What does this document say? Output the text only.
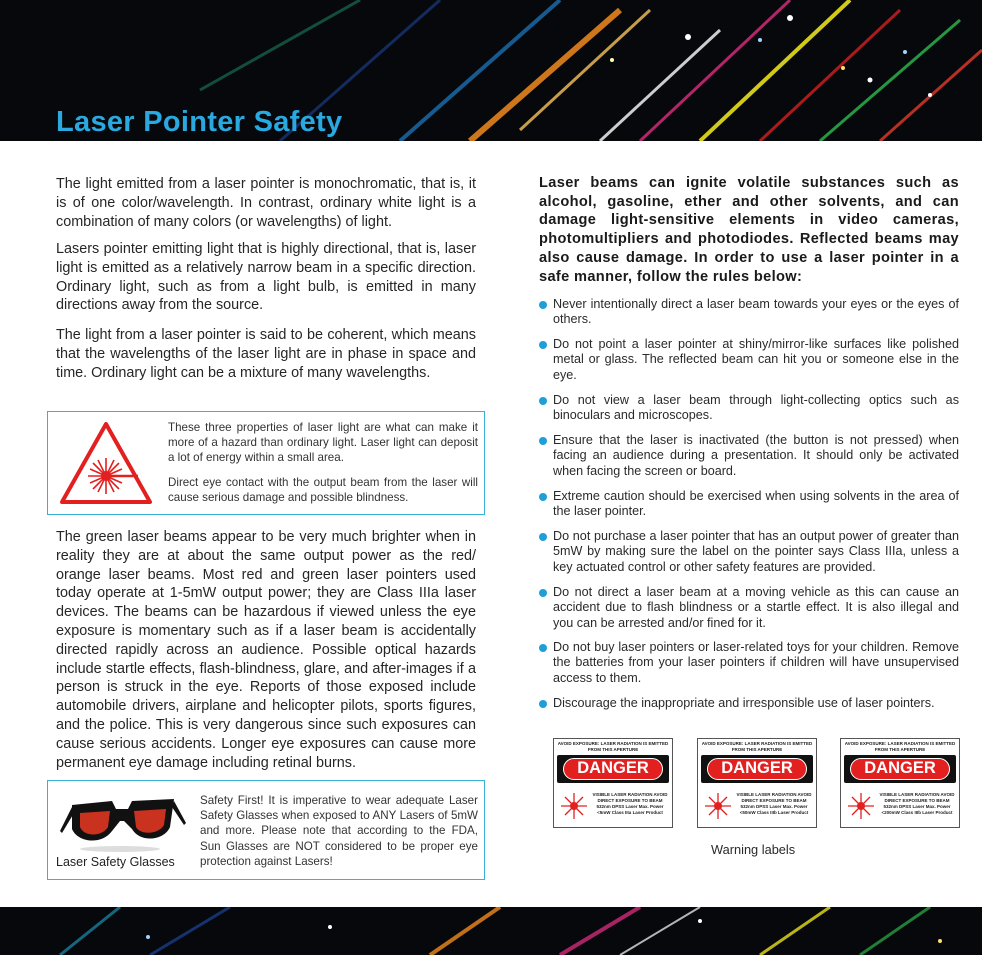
Laser Pointer Safety

The light emitted from a laser pointer is monochromatic, that is, it is of one color/wavelength. In contrast, ordinary white light is a combination of many colors (or wavelengths) of light.

Lasers pointer emitting light that is highly directional, that is, laser light is emitted as a relatively narrow beam in a specific direction. Ordinary light, such as from a light bulb, is emitted in many directions away from the source.

The light from a laser pointer is said to be coherent, which means that the wavelengths of the laser light are in phase in space and time. Ordinary light can be a mixture of many wavelengths.

These three properties of laser light are what can make it more of a hazard than ordinary light. Laser light can deposit a lot of energy within a small area.
Direct eye contact with the output beam from the laser will cause serious damage and possible blindness.

The green laser beams appear to be very much brighter when in reality they are at about the same output power as the red/ orange laser beams. Most red and green laser pointers used today operate at 1-5mW output power; they are Class IIIa laser devices. The beams can be hazardous if viewed unless the eye exposure is momentary such as if a laser beam is accidentally directed rapidly across an audience. Possible optical hazards include startle effects, flash-blindness, glare, and after-images if a person is struck in the eye. Reports of those exposed include automobile drivers, airplane and helicopter pilots, sports figures, and the police. This is very dangerous since such exposures can cause serious accidents. Longer eye exposures can cause more permanent eye damage including retinal burns.

Laser Safety Glasses
Safety First! It is imperative to wear adequate Laser Safety Glasses when exposed to ANY Lasers of 5mW and more. Please note that according to the FDA, Sun Glasses are NOT considered to be proper eye protection against Lasers!

Laser beams can ignite volatile substances such as alcohol, gasoline, ether and other solvents, and can damage light-sensitive elements in video cameras, photomultipliers and photodiodes. Reflected beams may also cause damage. In order to use a laser pointer in a safe manner, follow the rules below:

Never intentionally direct a laser beam towards your eyes or the eyes of others.
Do not point a laser pointer at shiny/mirror-like surfaces like polished metal or glass. The reflected beam can hit you or someone else in the eye.
Do not view a laser beam through light-collecting optics such as binoculars and microscopes.
Ensure that the laser is inactivated (the button is not pressed) when facing an audience during a presentation. It should only be activated when facing the screen or board.
Extreme caution should be exercised when using solvents in the area of the laser pointer.
Do not purchase a laser pointer that has an output power of greater than 5mW by making sure the label on the pointer says Class IIIa, unless a key actuated control or other safety features are provided.
Do not direct a laser beam at a moving vehicle as this can cause an accident due to flash blindness or a startle effect. It is also illegal and you can be arrested and/or fined for it.
Do not buy laser pointers or laser-related toys for your children. Remove the batteries from your laser pointers if children will have unsupervised access to them.
Discourage the inappropriate and irresponsible use of laser pointers.
AVOID EXPOSURE: LASER RADIATION IS EMITTED FROM THIS APERTURE
DANGER
VISIBLE LASER RADIATION AVOID DIRECT EXPOSURE TO BEAM 532nm DPSS Laser Max. Power <5mW Class IIIa Laser Product
AVOID EXPOSURE: LASER RADIATION IS EMITTED FROM THIS APERTURE
DANGER
VISIBLE LASER RADIATION AVOID DIRECT EXPOSURE TO BEAM 532nm DPSS Laser Max. Power <50mW Class IIIb Laser Product
AVOID EXPOSURE: LASER RADIATION IS EMITTED FROM THIS APERTURE
DANGER
VISIBLE LASER RADIATION AVOID DIRECT EXPOSURE TO BEAM 532nm DPSS Laser Max. Power <200mW Class IIIb Laser Product
Warning labels
